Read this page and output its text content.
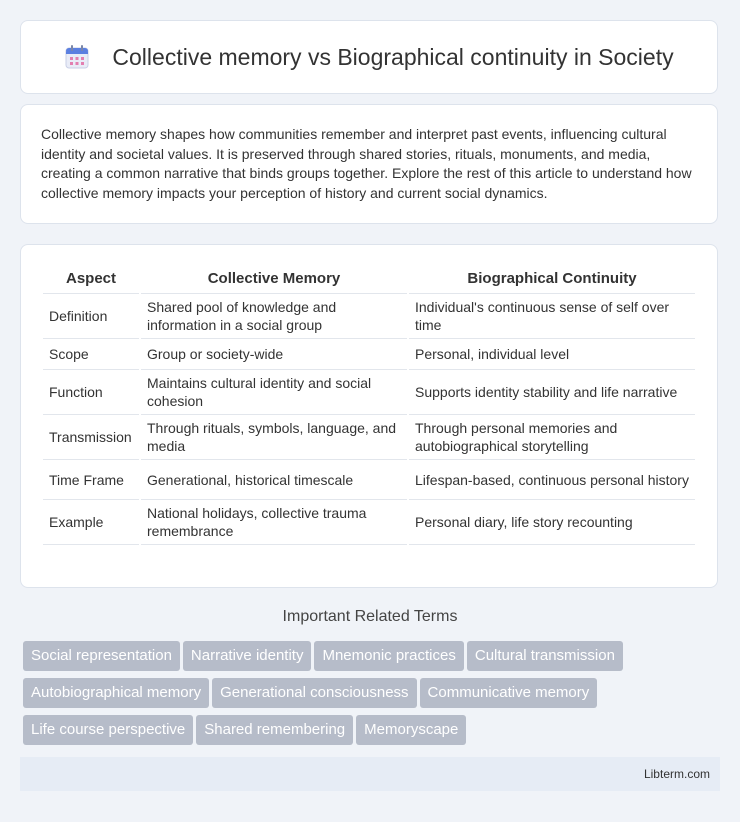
Collective memory vs Biographical continuity in Society

Collective memory shapes how communities remember and interpret past events, influencing cultural identity and societal values. It is preserved through shared stories, rituals, monuments, and media, creating a common narrative that binds groups together. Explore the rest of this article to understand how collective memory impacts your perception of history and current social dynamics.

Aspect	Collective Memory	Biographical Continuity
Definition	Shared pool of knowledge and information in a social group	Individual's continuous sense of self over time
Scope	Group or society-wide	Personal, individual level
Function	Maintains cultural identity and social cohesion	Supports identity stability and life narrative
Transmission	Through rituals, symbols, language, and media	Through personal memories and autobiographical storytelling
Time Frame	Generational, historical timescale	Lifespan-based, continuous personal history
Example	National holidays, collective trauma remembrance	Personal diary, life story recounting
Important Related Terms
Social representation Narrative identity Mnemonic practices Cultural transmission
Autobiographical memory Generational consciousness Communicative memory
Life course perspective Shared remembering Memoryscape
Libterm.com
